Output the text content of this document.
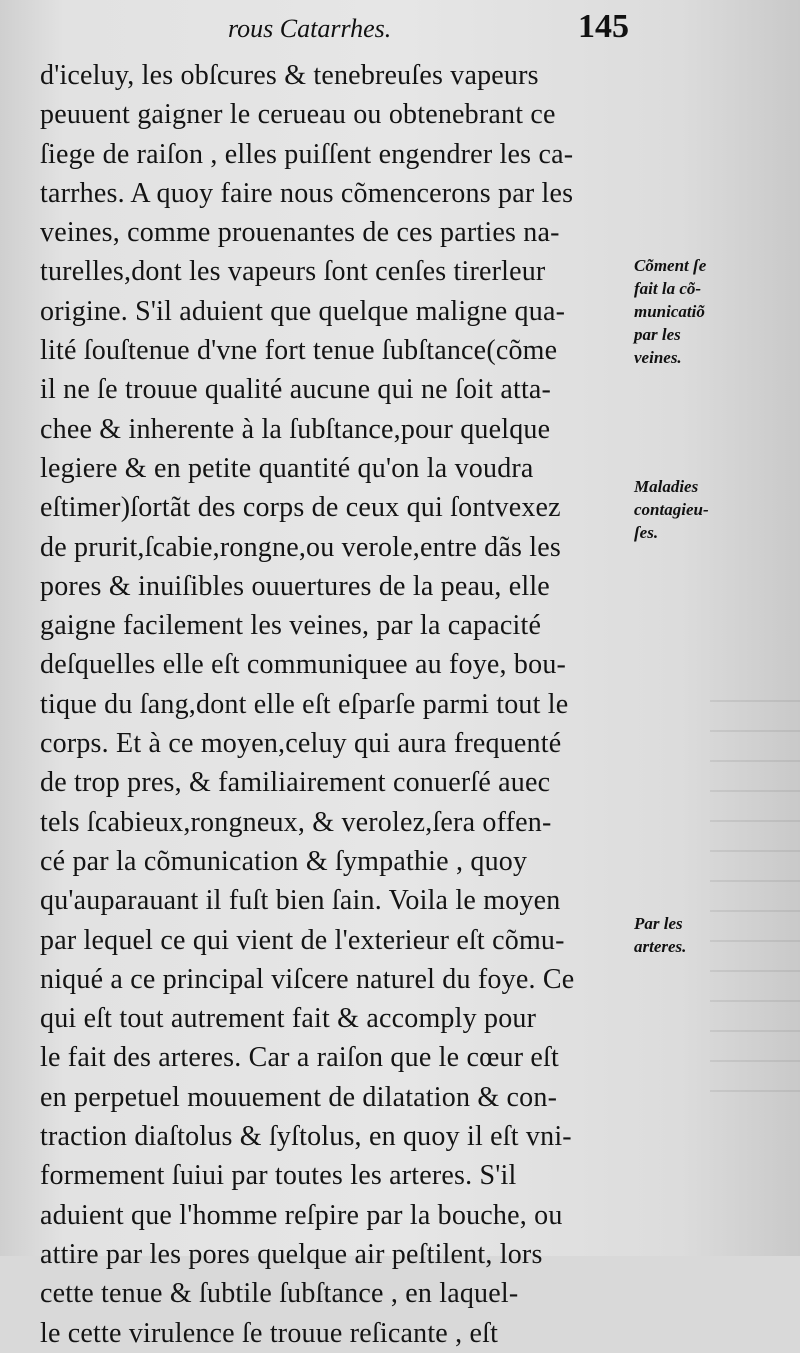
rous Catarrhes.	145
d'iceluy, les obſcures & tenebreuſes vapeurs
peuuent gaigner le cerueau ou obtenebrant ce
ſiege de raiſon , elles puiſſent engendrer les ca-
tarrhes. A quoy faire nous cõmencerons par les
veines, comme prouenantes de ces parties na-
turelles,dont les vapeurs ſont cenſes tirerleur
origine. S'il aduient que quelque maligne qua-
lité ſouſtenue d'vne fort tenue ſubſtance(cõme
il ne ſe trouue qualité aucune qui ne ſoit atta-
chee & inherente à la ſubſtance,pour quelque
legiere & en petite quantité qu'on la voudra
eſtimer)ſortãt des corps de ceux qui ſontvexez
de prurit,ſcabie,rongne,ou verole,entre dãs les
pores & inuiſibles ouuertures de la peau, elle
gaigne facilement les veines, par la capacité
deſquelles elle eſt communiquee au foye, bou-
tique du ſang,dont elle eſt eſparſe parmi tout le
corps. Et à ce moyen,celuy qui aura frequenté
de trop pres, & familiairement conuerſé auec
tels ſcabieux,rongneux, & verolez,ſera offen-
cé par la cõmunication & ſympathie , quoy
qu'auparauant il fuſt bien ſain. Voila le moyen
par lequel ce qui vient de l'exterieur eſt cõmu-
niqué a ce principal viſcere naturel du foye. Ce
qui eſt tout autrement fait & accomply pour
le fait des arteres. Car a raiſon que le cœur eſt
en perpetuel mouuement de dilatation & con-
traction diaſtolus & ſyſtolus, en quoy il eſt vni-
formement ſuiui par toutes les arteres. S'il
aduient que l'homme reſpire par la bouche, ou
attire par les pores quelque air peſtilent, lors
cette tenue & ſubtile ſubſtance , en laquel-
le cette virulence ſe trouue reſicante , eſt
Cõment ſe
fait la cõ-
municatiõ
par les
veines.
Maladies
contagieu-
ſes.
Par les
arteres.
